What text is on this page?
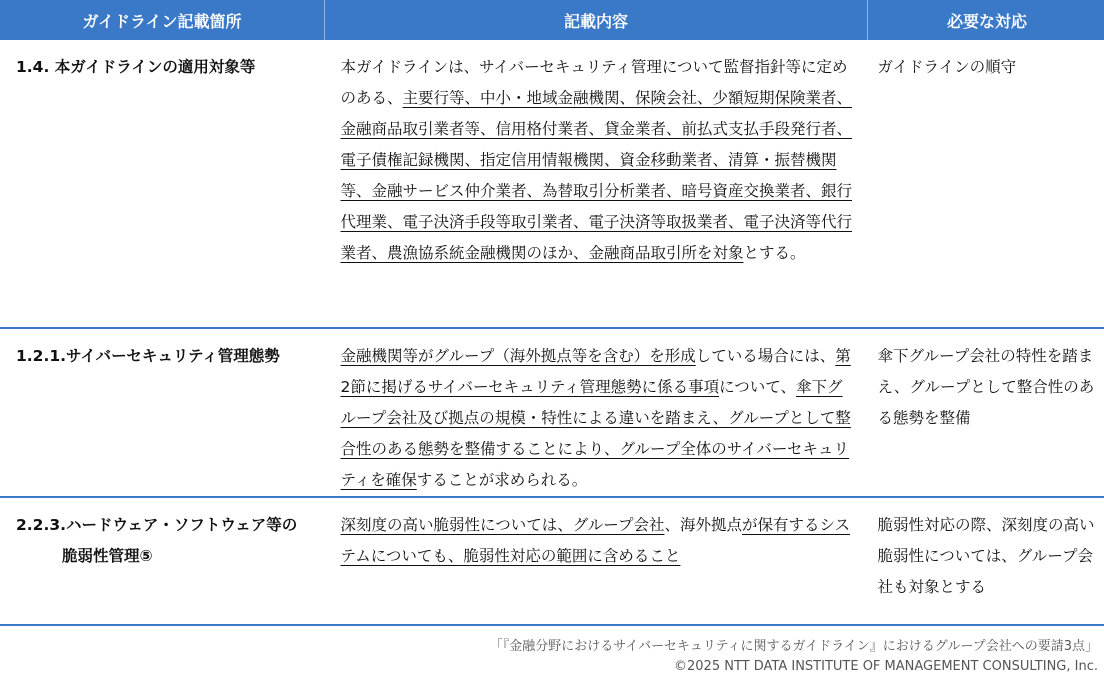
ガイドライン記載箇所	記載内容	必要な対応

1.4. 本ガイドラインの適用対象等	本ガイドラインは、サイバーセキュリティ管理について監督指針等に定めのある、主要行等、中小・地域金融機関、保険会社、少額短期保険業者、金融商品取引業者等、信用格付業者、貸金業者、前払式支払手段発行者、電子債権記録機関、指定信用情報機関、資金移動業者、清算・振替機関等、金融サービス仲介業者、為替取引分析業者、暗号資産交換業者、銀行代理業、電子決済手段等取引業者、電子決済等取扱業者、電子決済等代行業者、農漁協系統金融機関のほか、金融商品取引所を対象とする。	ガイドラインの順守

1.2.1.サイバーセキュリティ管理態勢	金融機関等がグループ（海外拠点等を含む）を形成している場合には、第2節に掲げるサイバーセキュリティ管理態勢に係る事項について、傘下グループ会社及び拠点の規模・特性による違いを踏まえ、グループとして整合性のある態勢を整備することにより、グループ全体のサイバーセキュリティを確保することが求められる。	傘下グループ会社の特性を踏まえ、グループとして整合性のある態勢を整備

2.2.3.ハードウェア・ソフトウェア等の
脆弱性管理⑤	深刻度の高い脆弱性については、グループ会社、海外拠点が保有するシステムについても、脆弱性対応の範囲に含めること	脆弱性対応の際、深刻度の高い脆弱性については、グループ会社も対象とする
「『金融分野におけるサイバーセキュリティに関するガイドライン』におけるグループ会社への要請3点」
©2025 NTT DATA INSTITUTE OF MANAGEMENT CONSULTING, Inc.
